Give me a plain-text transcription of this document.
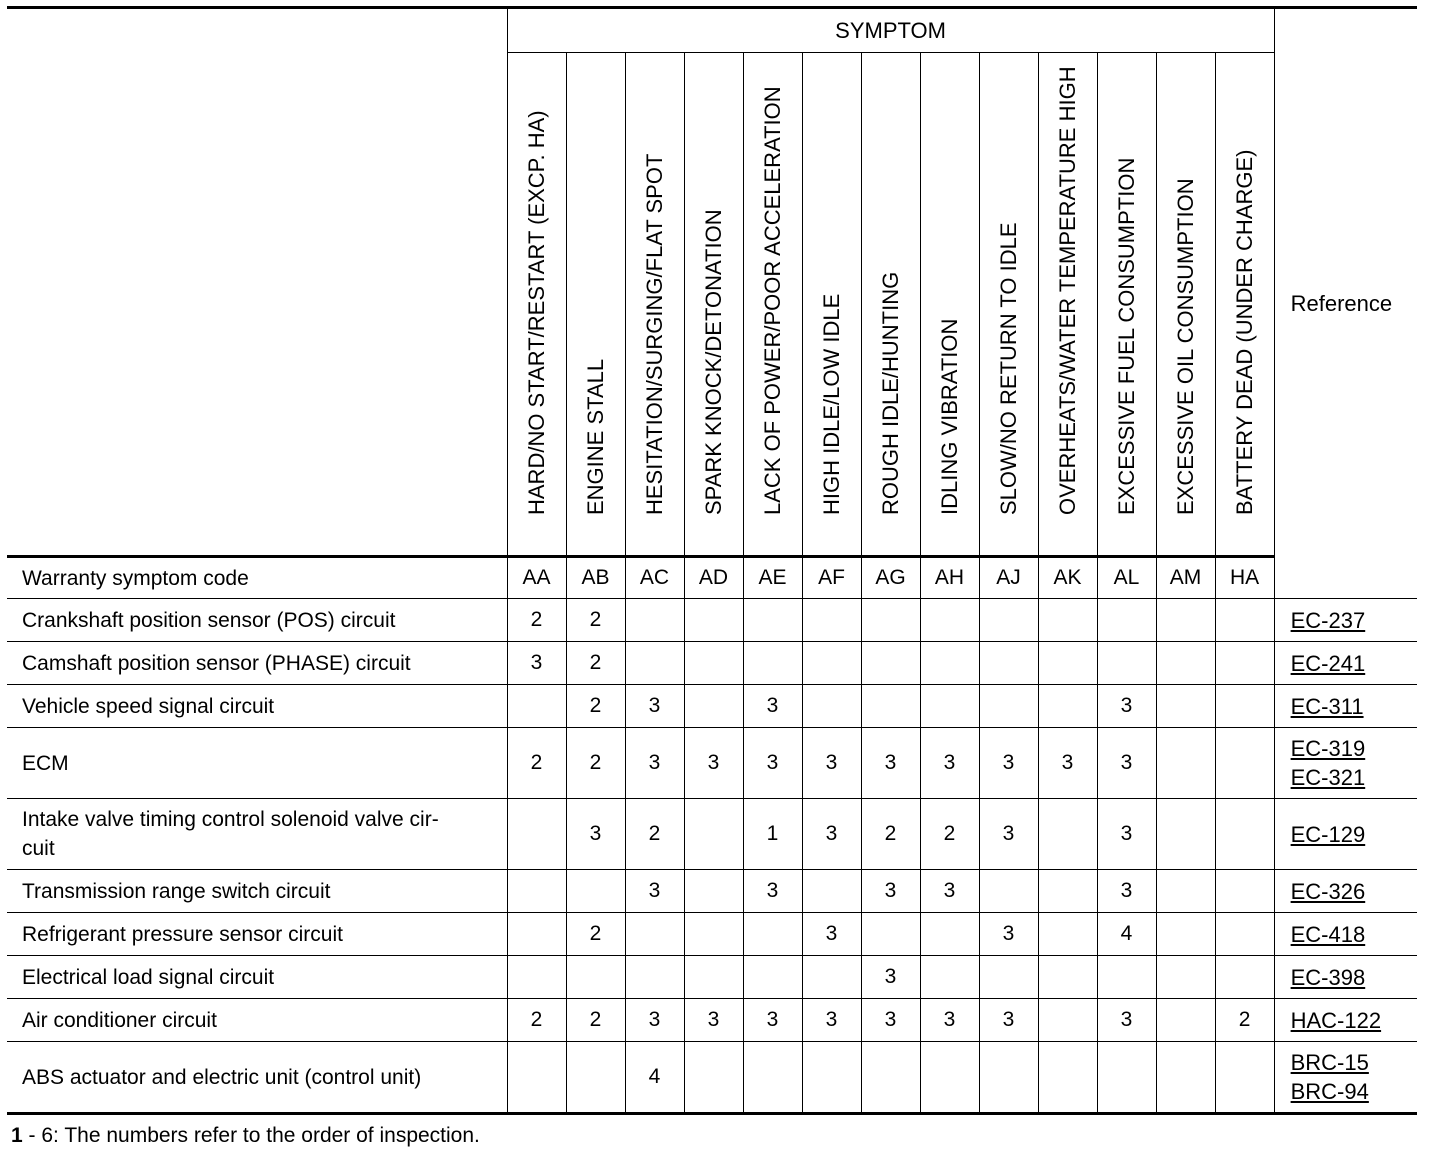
	SYMPTOM													Reference

	HARD/NO START/RESTART (EXCP. HA)	ENGINE STALL	HESITATION/SURGING/FLAT SPOT	SPARK KNOCK/DETONATION	LACK OF POWER/POOR ACCELERATION	HIGH IDLE/LOW IDLE	ROUGH IDLE/HUNTING	IDLING VIBRATION	SLOW/NO RETURN TO IDLE	OVERHEATS/WATER TEMPERATURE HIGH	EXCESSIVE FUEL CONSUMPTION	EXCESSIVE OIL CONSUMPTION	BATTERY DEAD (UNDER CHARGE)	

Warranty symptom code	AA	AB	AC	AD	AE	AF	AG	AH	AJ	AK	AL	AM	HA	

Crankshaft position sensor (POS) circuit	2	2												EC-237

Camshaft position sensor (PHASE) circuit	3	2												EC-241

Vehicle speed signal circuit		2	3		3						3			EC-311

ECM	2	2	3	3	3	3	3	3	3	3	3			EC-319
EC-321

Intake valve timing control solenoid valve cir-
cuit		3	2		1	3	2	2	3		3			EC-129

Transmission range switch circuit			3		3		3	3			3			EC-326

Refrigerant pressure sensor circuit		2				3			3		4			EC-418

Electrical load signal circuit							3							EC-398

Air conditioner circuit	2	2	3	3	3	3	3	3	3		3		2	HAC-122

ABS actuator and electric unit (control unit)			4											BRC-15
BRC-94
1 - 6: The numbers refer to the order of inspection.
